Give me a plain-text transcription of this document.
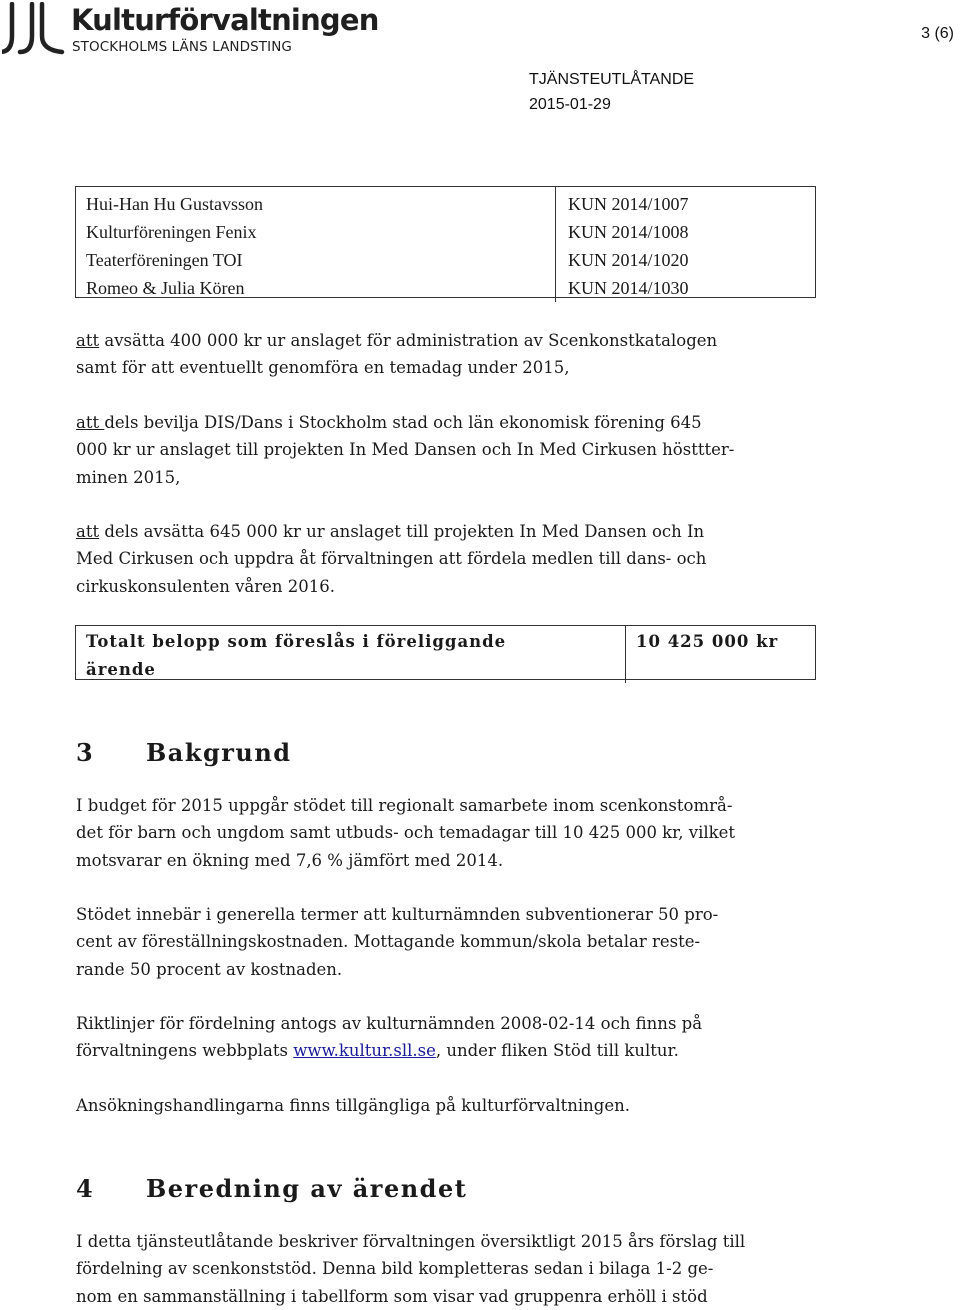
Kulturförvaltningen
STOCKHOLMS LÄNS LANDSTING
3 (6)
TJÄNSTEUTLÅTANDE
2015-01-29
Hui-Han Hu Gustavsson
Kulturföreningen Fenix
Teaterföreningen TOI
Romeo & Julia Kören
KUN 2014/1007
KUN 2014/1008
KUN 2014/1020
KUN 2014/1030
att avsätta 400 000 kr ur anslaget för administration av Scenkonstkatalogen
samt för att eventuellt genomföra en temadag under 2015,
att dels bevilja DIS/Dans i Stockholm stad och län ekonomisk förening 645
000 kr ur anslaget till projekten In Med Dansen och In Med Cirkusen hösttter-
minen 2015,
att dels avsätta 645 000 kr ur anslaget till projekten In Med Dansen och In
Med Cirkusen och uppdra åt förvaltningen att fördela medlen till dans- och
cirkuskonsulenten våren 2016.
Totalt belopp som föreslås i föreliggande
ärende
10 425 000 kr
3	Bakgrund
I budget för 2015 uppgår stödet till regionalt samarbete inom scenkonstområ-
det för barn och ungdom samt utbuds- och temadagar till 10 425 000 kr, vilket
motsvarar en ökning med 7,6 % jämfört med 2014.
Stödet innebär i generella termer att kulturnämnden subventionerar 50 pro-
cent av föreställningskostnaden. Mottagande kommun/skola betalar reste-
rande 50 procent av kostnaden.
Riktlinjer för fördelning antogs av kulturnämnden 2008-02-14 och finns på
förvaltningens webbplats www.kultur.sll.se, under fliken Stöd till kultur.
Ansökningshandlingarna finns tillgängliga på kulturförvaltningen.
4	Beredning av ärendet
I detta tjänsteutlåtande beskriver förvaltningen översiktligt 2015 års förslag till
fördelning av scenkonststöd. Denna bild kompletteras sedan i bilaga 1-2 ge-
nom en sammanställning i tabellform som visar vad gruppenra erhöll i stöd
